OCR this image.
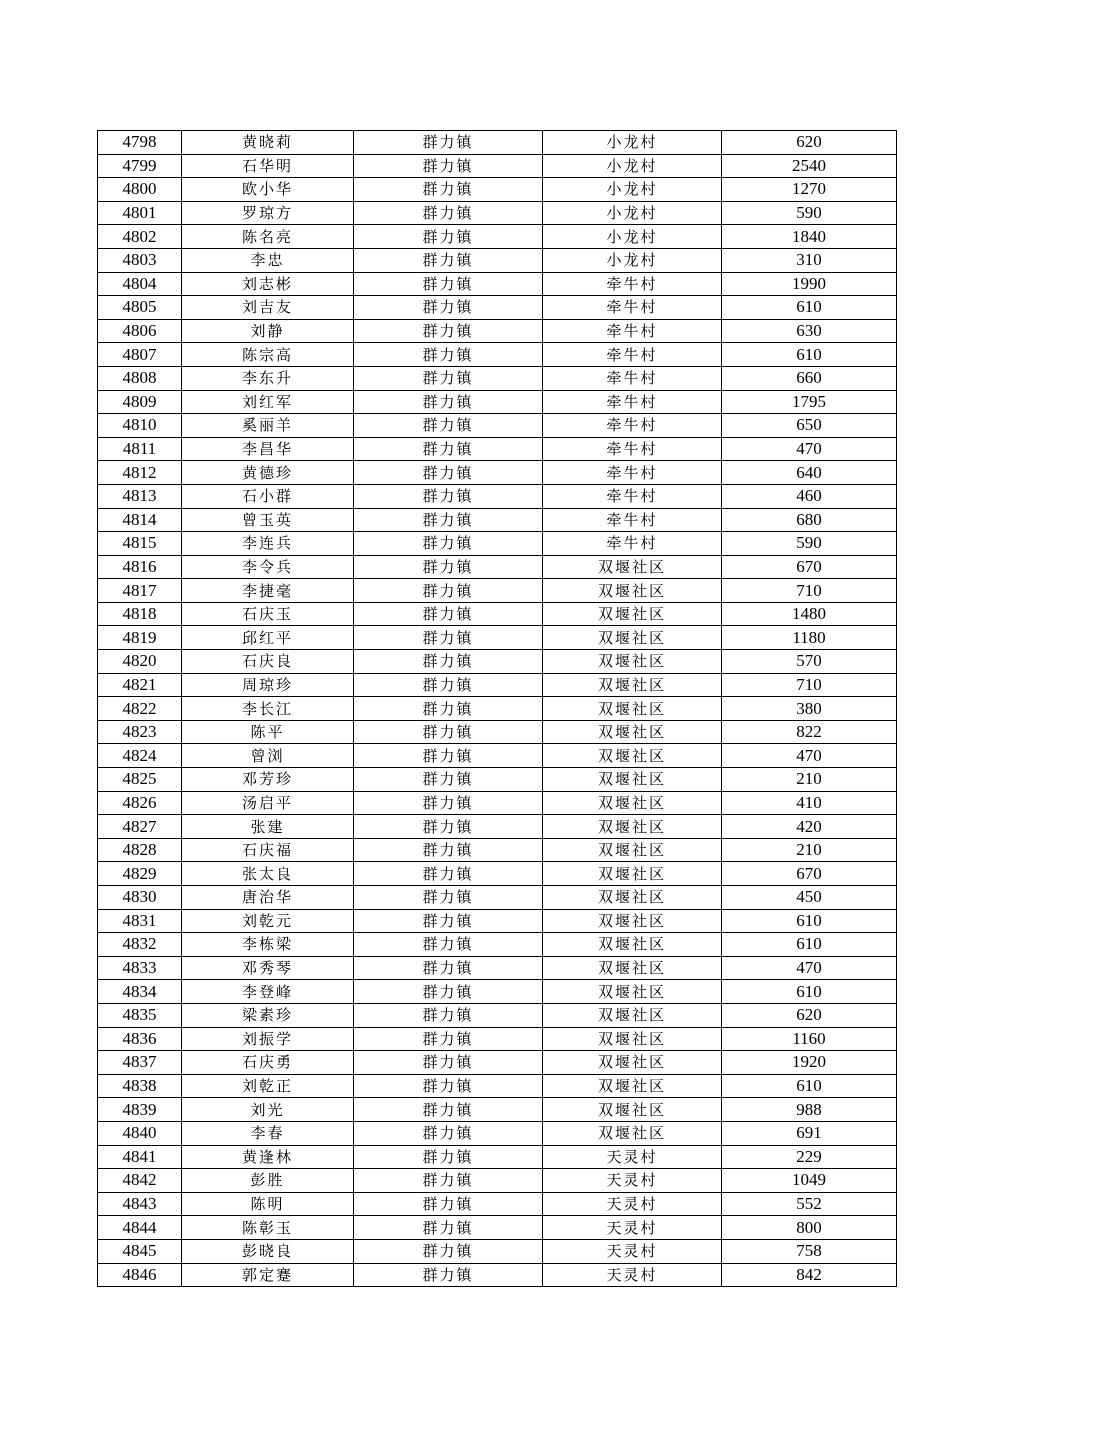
4798	黄晓莉	群力镇	小龙村	620
4799	石华明	群力镇	小龙村	2540
4800	欧小华	群力镇	小龙村	1270
4801	罗琼方	群力镇	小龙村	590
4802	陈名亮	群力镇	小龙村	1840
4803	李忠	群力镇	小龙村	310
4804	刘志彬	群力镇	牵牛村	1990
4805	刘吉友	群力镇	牵牛村	610
4806	刘静	群力镇	牵牛村	630
4807	陈宗高	群力镇	牵牛村	610
4808	李东升	群力镇	牵牛村	660
4809	刘红军	群力镇	牵牛村	1795
4810	奚丽羊	群力镇	牵牛村	650
4811	李昌华	群力镇	牵牛村	470
4812	黄德珍	群力镇	牵牛村	640
4813	石小群	群力镇	牵牛村	460
4814	曾玉英	群力镇	牵牛村	680
4815	李连兵	群力镇	牵牛村	590
4816	李令兵	群力镇	双堰社区	670
4817	李捷毫	群力镇	双堰社区	710
4818	石庆玉	群力镇	双堰社区	1480
4819	邱红平	群力镇	双堰社区	1180
4820	石庆良	群力镇	双堰社区	570
4821	周琼珍	群力镇	双堰社区	710
4822	李长江	群力镇	双堰社区	380
4823	陈平	群力镇	双堰社区	822
4824	曾浏	群力镇	双堰社区	470
4825	邓芳珍	群力镇	双堰社区	210
4826	汤启平	群力镇	双堰社区	410
4827	张建	群力镇	双堰社区	420
4828	石庆福	群力镇	双堰社区	210
4829	张太良	群力镇	双堰社区	670
4830	唐治华	群力镇	双堰社区	450
4831	刘乾元	群力镇	双堰社区	610
4832	李栋梁	群力镇	双堰社区	610
4833	邓秀琴	群力镇	双堰社区	470
4834	李登峰	群力镇	双堰社区	610
4835	梁素珍	群力镇	双堰社区	620
4836	刘振学	群力镇	双堰社区	1160
4837	石庆勇	群力镇	双堰社区	1920
4838	刘乾正	群力镇	双堰社区	610
4839	刘光	群力镇	双堰社区	988
4840	李春	群力镇	双堰社区	691
4841	黄逢林	群力镇	天灵村	229
4842	彭胜	群力镇	天灵村	1049
4843	陈明	群力镇	天灵村	552
4844	陈彰玉	群力镇	天灵村	800
4845	彭晓良	群力镇	天灵村	758
4846	郭定蹇	群力镇	天灵村	842
